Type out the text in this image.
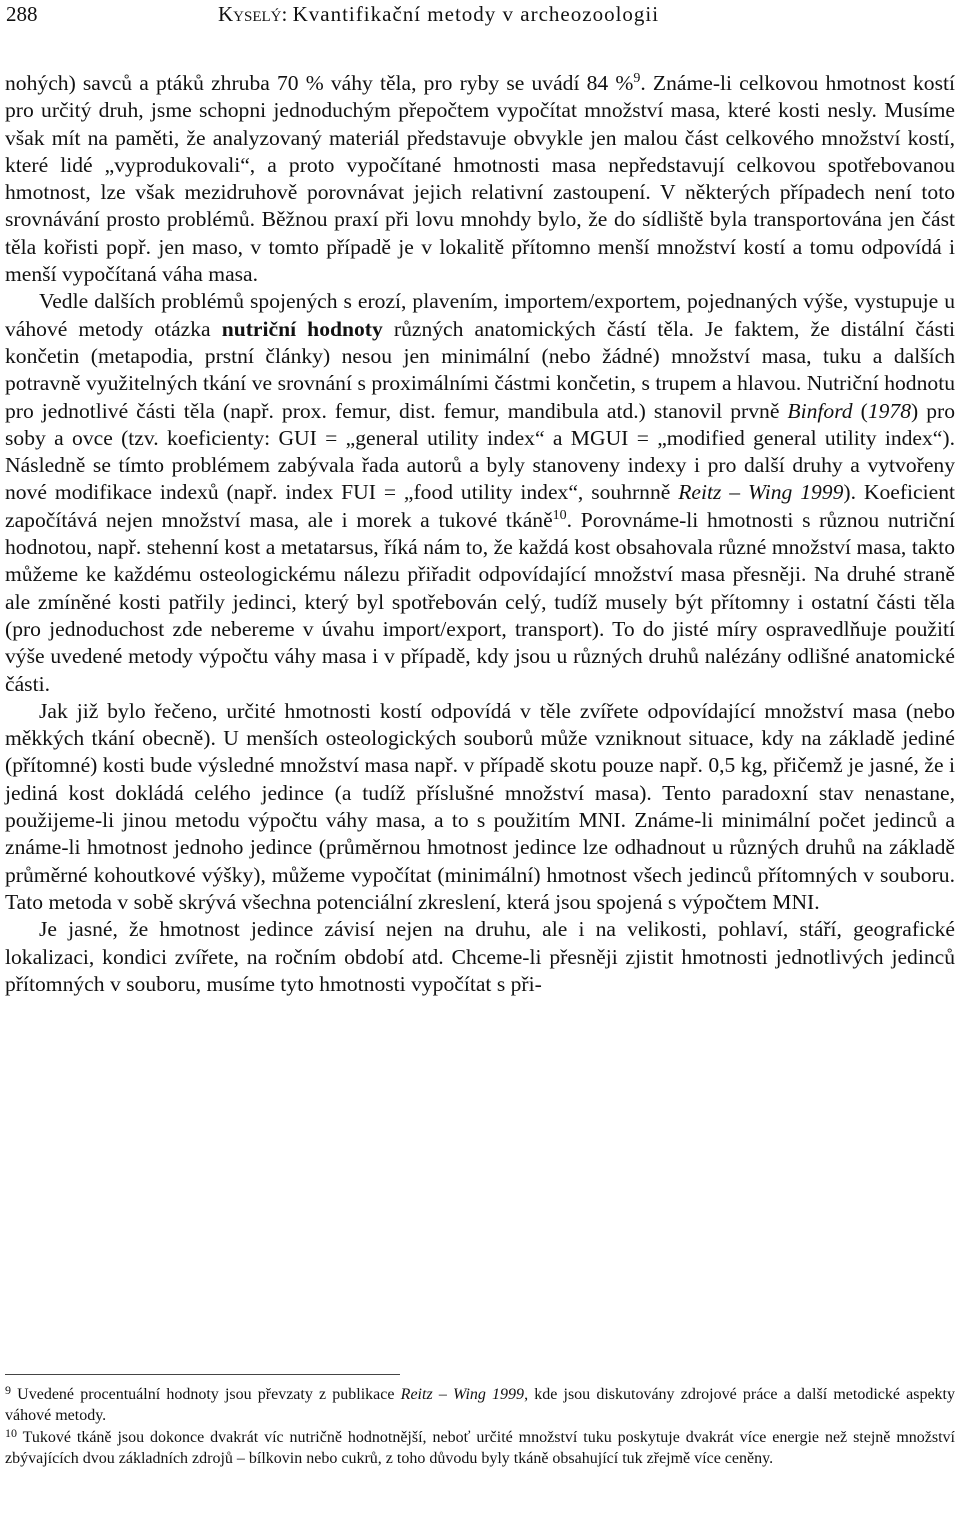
288	Kyselý: Kvantifikační metody v archeozoologii

nohých) savců a ptáků zhruba 70 % váhy těla, pro ryby se uvádí 84 %$^9$. Známe-li celkovou hmotnost kostí pro určitý druh, jsme schopni jednoduchým přepočtem vypočítat množství masa, které kosti nesly. Musíme však mít na paměti, že analyzovaný materiál představuje obvykle jen malou část celkového množství kostí, které lidé „vyprodukovali“, a proto vypočítané hmotnosti masa nepředstavují celkovou spotřebovanou hmotnost, lze však mezidruhově porovnávat jejich relativní zastoupení. V některých případech není toto srovnávání prosto problémů. Běžnou praxí při lovu mnohdy bylo, že do sídliště byla transportována jen část těla kořisti popř. jen maso, v tomto případě je v lokalitě přítomno menší množství kostí a tomu odpovídá i menší vypočítaná váha masa.

Vedle dalších problémů spojených s erozí, plavením, importem/exportem, pojednaných výše, vystupuje u váhové metody otázka nutriční hodnoty různých anatomických částí těla. Je faktem, že distální části končetin (metapodia, prstní články) nesou jen minimální (nebo žádné) množství masa, tuku a dalších potravně využitelných tkání ve srovnání s proximálními částmi končetin, s trupem a hlavou. Nutriční hodnotu pro jednotlivé části těla (např. prox. femur, dist. femur, mandibula atd.) stanovil prvně Binford (1978) pro soby a ovce (tzv. koeficienty: GUI = „general utility index“ a MGUI = „modified general utility index“). Následně se tímto problémem zabývala řada autorů a byly stanoveny indexy i pro další druhy a vytvořeny nové modifikace indexů (např. index FUI = „food utility index“, souhrnně Reitz – Wing 1999). Koeficient započítává nejen množství masa, ale i morek a tukové tkáně$^{10}$. Porovnáme-li hmotnosti s různou nutriční hodnotou, např. stehenní kost a metatarsus, říká nám to, že každá kost obsahovala různé množství masa, takto můžeme ke každému osteologickému nálezu přiřadit odpovídající množství masa přesněji. Na druhé straně ale zmíněné kosti patřily jedinci, který byl spotřebován celý, tudíž musely být přítomny i ostatní části těla (pro jednoduchost zde nebereme v úvahu import/export, transport). To do jisté míry ospravedlňuje použití výše uvedené metody výpočtu váhy masa i v případě, kdy jsou u různých druhů nalézány odlišné anatomické části.

Jak již bylo řečeno, určité hmotnosti kostí odpovídá v těle zvířete odpovídající množství masa (nebo měkkých tkání obecně). U menších osteologických souborů může vzniknout situace, kdy na základě jediné (přítomné) kosti bude výsledné množství masa např. v případě skotu pouze např. 0,5 kg, přičemž je jasné, že i jediná kost dokládá celého jedince (a tudíž příslušné množství masa). Tento paradoxní stav nenastane, použijeme-li jinou metodu výpočtu váhy masa, a to s použitím MNI. Známe-li minimální počet jedinců a známe-li hmotnost jednoho jedince (průměrnou hmotnost jedince lze odhadnout u různých druhů na základě průměrné kohoutkové výšky), můžeme vypočítat (minimální) hmotnost všech jedinců přítomných v souboru. Tato metoda v sobě skrývá všechna potenciální zkreslení, která jsou spojená s výpočtem MNI.

Je jasné, že hmotnost jedince závisí nejen na druhu, ale i na velikosti, pohlaví, stáří, geografické lokalizaci, kondici zvířete, na ročním období atd. Chceme-li přesněji zjistit hmotnosti jednotlivých jedinců přítomných v souboru, musíme tyto hmotnosti vypočítat s při-

$^9$ Uvedené procentuální hodnoty jsou převzaty z publikace Reitz – Wing 1999, kde jsou diskutovány zdrojové práce a další metodické aspekty váhové metody.

$^{10}$ Tukové tkáně jsou dokonce dvakrát víc nutričně hodnotnější, neboť určité množství tuku poskytuje dvakrát více energie než stejně množství zbývajících dvou základních zdrojů – bílkovin nebo cukrů, z toho důvodu byly tkáně obsahující tuk zřejmě více ceněny.
